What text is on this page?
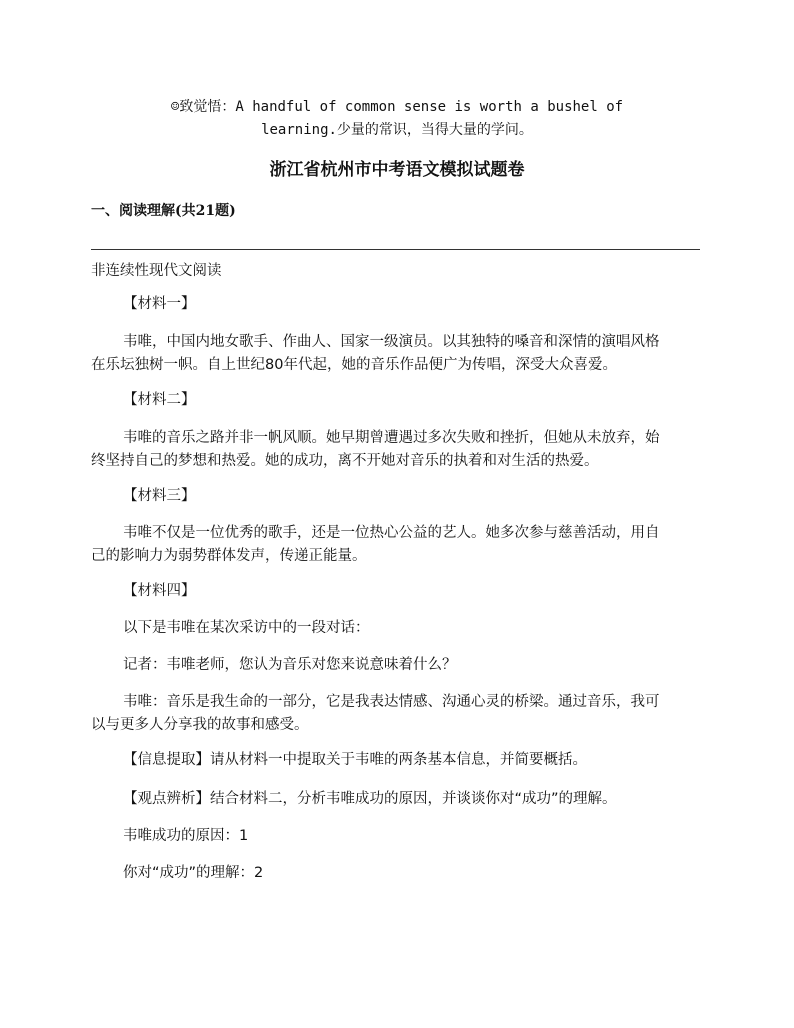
☺致觉悟：A handful of common sense is worth a bushel of
learning.少量的常识，当得大量的学问。
浙江省杭州市中考语文模拟试题卷
一、阅读理解(共21题)
非连续性现代文阅读
【材料一】
韦唯，中国内地女歌手、作曲人、国家一级演员。以其独特的嗓音和深情的演唱风格
在乐坛独树一帜。自上世纪80年代起，她的音乐作品便广为传唱，深受大众喜爱。
【材料二】
韦唯的音乐之路并非一帆风顺。她早期曾遭遇过多次失败和挫折，但她从未放弃，始
终坚持自己的梦想和热爱。她的成功，离不开她对音乐的执着和对生活的热爱。
【材料三】
韦唯不仅是一位优秀的歌手，还是一位热心公益的艺人。她多次参与慈善活动，用自
己的影响力为弱势群体发声，传递正能量。
【材料四】
以下是韦唯在某次采访中的一段对话：
记者：韦唯老师，您认为音乐对您来说意味着什么？
韦唯：音乐是我生命的一部分，它是我表达情感、沟通心灵的桥梁。通过音乐，我可
以与更多人分享我的故事和感受。
【信息提取】请从材料一中提取关于韦唯的两条基本信息，并简要概括。
【观点辨析】结合材料二，分析韦唯成功的原因，并谈谈你对“成功”的理解。
韦唯成功的原因：1
你对“成功”的理解：2
